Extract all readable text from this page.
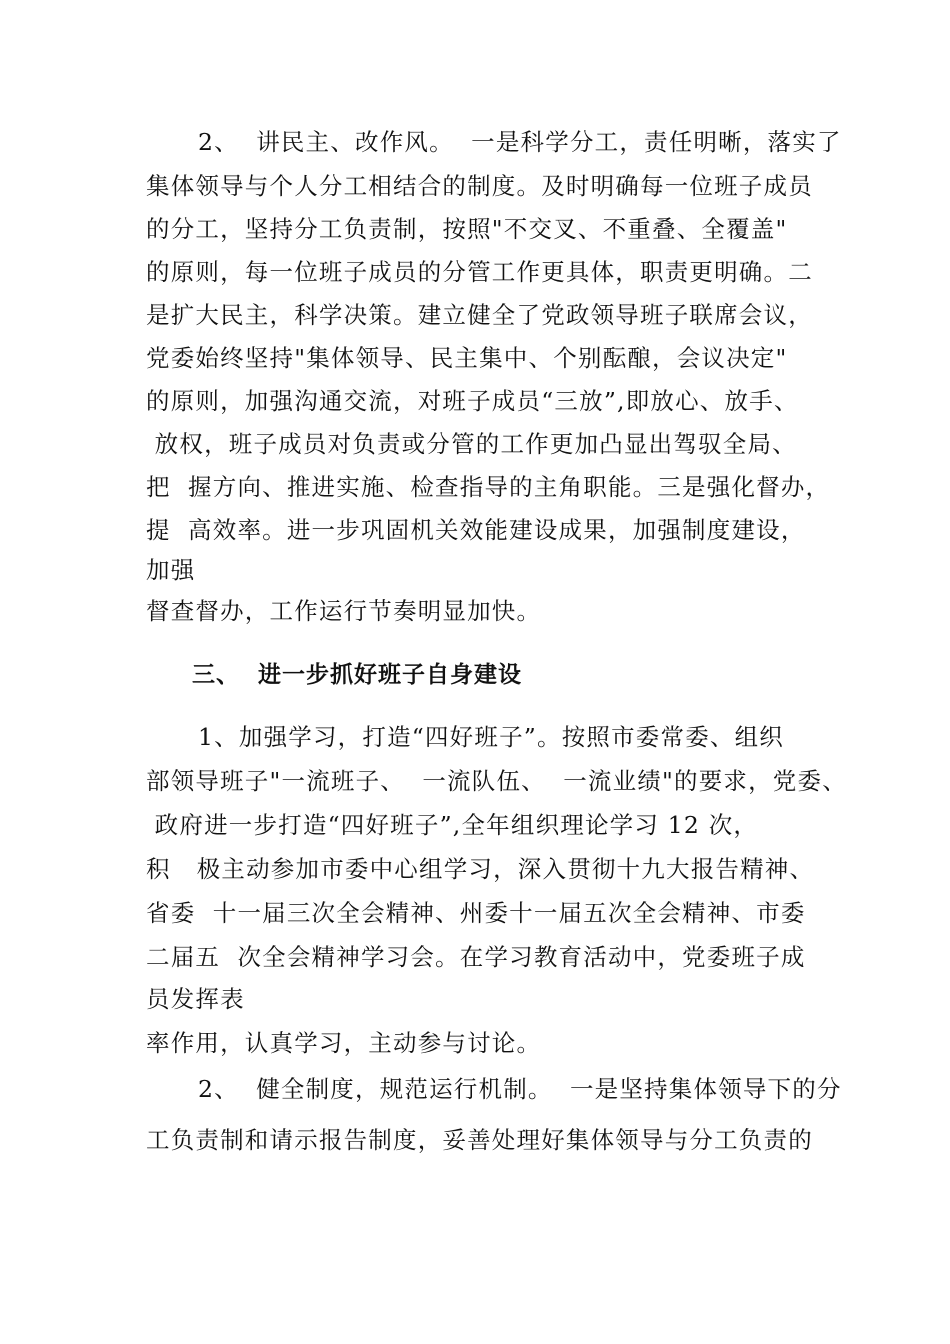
2、  讲民主、改作风。  一是科学分工，责任明晰，落实了
集体领导与个人分工相结合的制度。及时明确每一位班子成员
的分工，坚持分工负责制，按照"不交叉、不重叠、全覆盖"
的原则，每一位班子成员的分管工作更具体，职责更明确。二
是扩大民主，科学决策。建立健全了党政领导班子联席会议，
党委始终坚持"集体领导、民主集中、个别酝酿，会议决定"
的原则，加强沟通交流，对班子成员“三放”,即放心、放手、
放权，班子成员对负责或分管的工作更加凸显出驾驭全局、
把  握方向、推进实施、检查指导的主角职能。三是强化督办，
提  高效率。进一步巩固机关效能建设成果，加强制度建设，
加强
督查督办，工作运行节奏明显加快。
三、  进一步抓好班子自身建设
1、加强学习，打造“四好班子”。按照市委常委、组织
部领导班子"一流班子、  一流队伍、  一流业绩"的要求，党委、
政府进一步打造“四好班子”,全年组织理论学习 12 次，
积   极主动参加市委中心组学习，深入贯彻十九大报告精神、
省委  十一届三次全会精神、州委十一届五次全会精神、市委
二届五  次全会精神学习会。在学习教育活动中，党委班子成
员发挥表
率作用，认真学习，主动参与讨论。
2、  健全制度，规范运行机制。  一是坚持集体领导下的分
工负责制和请示报告制度，妥善处理好集体领导与分工负责的
